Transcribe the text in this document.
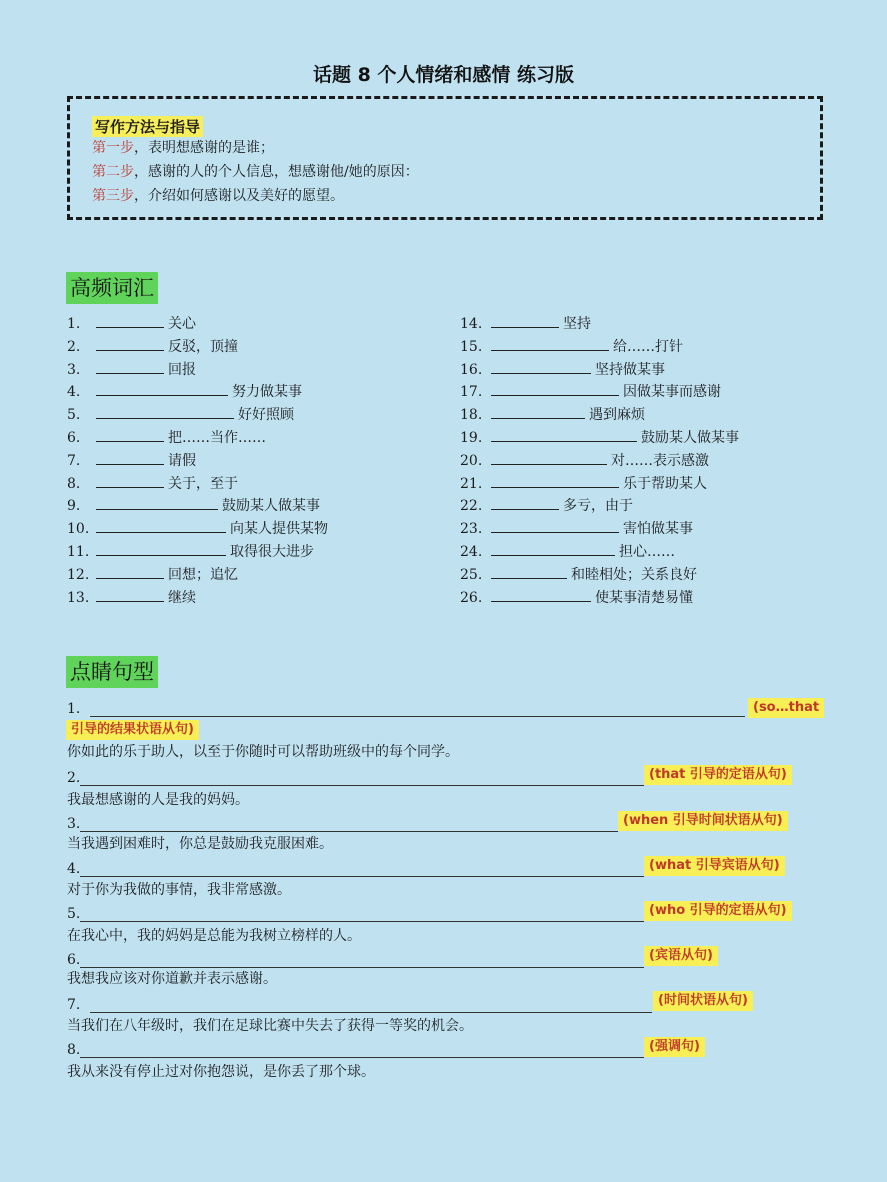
话题 8 个人情绪和感情 练习版
写作方法与指导
第一步，表明想感谢的是谁；
第二步，感谢的人的个人信息，想感谢他/她的原因：
第三步，介绍如何感谢以及美好的愿望。
高频词汇
1.	关心
2.	反驳，顶撞
3.	回报
4.	努力做某事
5.	好好照顾
6.	把……当作……
7.	请假
8.	关于，至于
9.	鼓励某人做某事
10.	向某人提供某物
11.	取得很大进步
12.	回想；追忆
13.	继续
14.	坚持
15.	给……打针
16.	坚持做某事
17.	因做某事而感谢
18.	遇到麻烦
19.	鼓励某人做某事
20.	对……表示感激
21.	乐于帮助某人
22.	多亏，由于
23.	害怕做某事
24.	担心……
25.	和睦相处；关系良好
26.	使某事清楚易懂
点睛句型
1.	(so…that
引导的结果状语从句)
你如此的乐于助人，以至于你随时可以帮助班级中的每个同学。
2.	(that 引导的定语从句)
我最想感谢的人是我的妈妈。
3.	(when 引导时间状语从句)
当我遇到困难时，你总是鼓励我克服困难。
4.	(what 引导宾语从句)
对于你为我做的事情，我非常感激。
5.	(who 引导的定语从句)
在我心中，我的妈妈是总能为我树立榜样的人。
6.	(宾语从句)
我想我应该对你道歉并表示感谢。
7.	(时间状语从句)
当我们在八年级时，我们在足球比赛中失去了获得一等奖的机会。
8.	(强调句)
我从来没有停止过对你抱怨说，是你丢了那个球。
